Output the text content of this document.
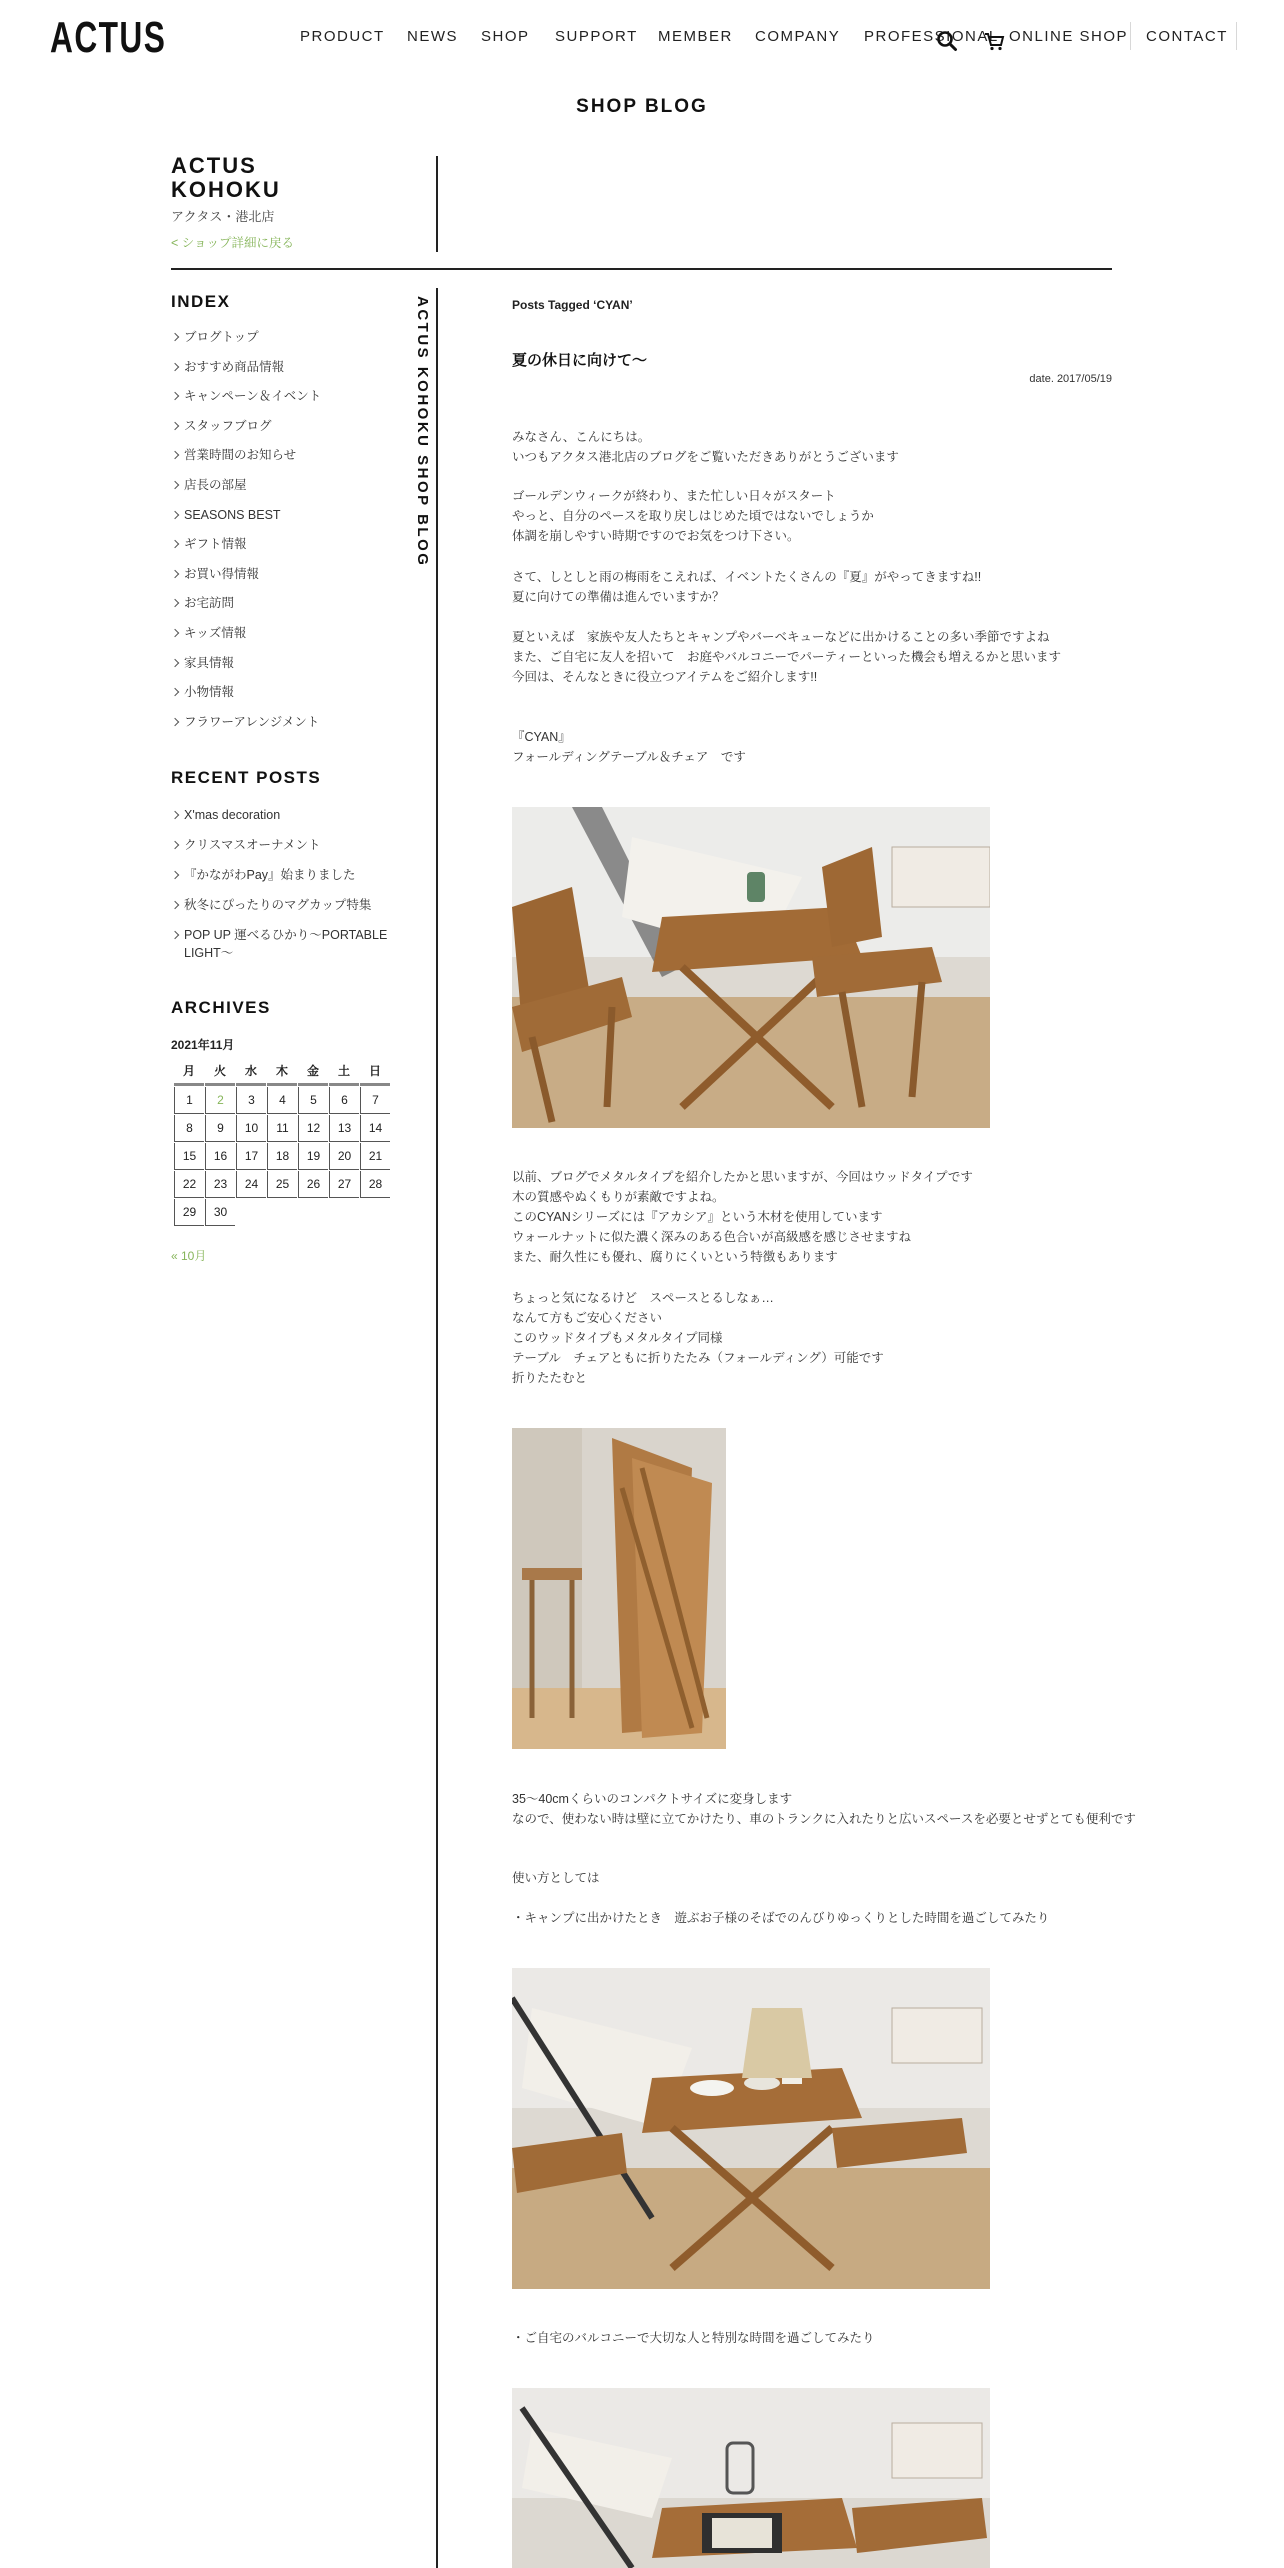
ACTUS	PRODUCT NEWS SHOP SUPPORT MEMBER COMPANY PROFESSIONAL ONLINE SHOP CONTACT
SHOP BLOG
ACTUS
KOHOKU
アクタス・港北店
< ショップ詳細に戻る
ACTUS KOHOKU SHOP BLOG
INDEX
ブログトップ
おすすめ商品情報
キャンペーン＆イベント
スタッフブログ
営業時間のお知らせ
店長の部屋
SEASONS BEST
ギフト情報
お買い得情報
お宅訪問
キッズ情報
家具情報
小物情報
フラワーアレンジメント
RECENT POSTS
X'mas decoration
クリスマスオーナメント
『かながわPay』始まりました
秋冬にぴったりのマグカップ特集
POP UP 運べるひかり～PORTABLE LIGHT～
ARCHIVES
2021年11月
月	火	水	木	金	土	日
1	2	3	4	5	6	7
8	9	10	11	12	13	14
15	16	17	18	19	20	21
22	23	24	25	26	27	28
29	30					
« 10月
Posts Tagged ‘CYAN’
夏の休日に向けて～
date. 2017/05/19
みなさん、こんにちは。
いつもアクタス港北店のブログをご覧いただきありがとうございます
ゴールデンウィークが終わり、また忙しい日々がスタート
やっと、自分のペースを取り戻しはじめた頃ではないでしょうか
体調を崩しやすい時期ですのでお気をつけ下さい。
さて、しとしと雨の梅雨をこえれば、イベントたくさんの『夏』がやってきますね!!
夏に向けての準備は進んでいますか？
夏といえば　家族や友人たちとキャンプやバーベキューなどに出かけることの多い季節ですよね
また、ご自宅に友人を招いて　お庭やバルコニーでパーティーといった機会も増えるかと思います
今回は、そんなときに役立つアイテムをご紹介します!!
『CYAN』
フォールディングテーブル＆チェア　です
以前、ブログでメタルタイプを紹介したかと思いますが、今回はウッドタイプです
木の質感やぬくもりが素敵ですよね。
このCYANシリーズには『アカシア』という木材を使用しています
ウォールナットに似た濃く深みのある色合いが高級感を感じさせますね
また、耐久性にも優れ、腐りにくいという特徴もあります
ちょっと気になるけど　スペースとるしなぁ…
なんて方もご安心ください
このウッドタイプもメタルタイプ同様
テーブル　チェアともに折りたたみ（フォールディング）可能です
折りたたむと
35～40cmくらいのコンパクトサイズに変身します
なので、使わない時は壁に立てかけたり、車のトランクに入れたりと広いスペースを必要とせずとても便利です
使い方としては
・キャンプに出かけたとき　遊ぶお子様のそばでのんびりゆっくりとした時間を過ごしてみたり
・ご自宅のバルコニーで大切な人と特別な時間を過ごしてみたり
